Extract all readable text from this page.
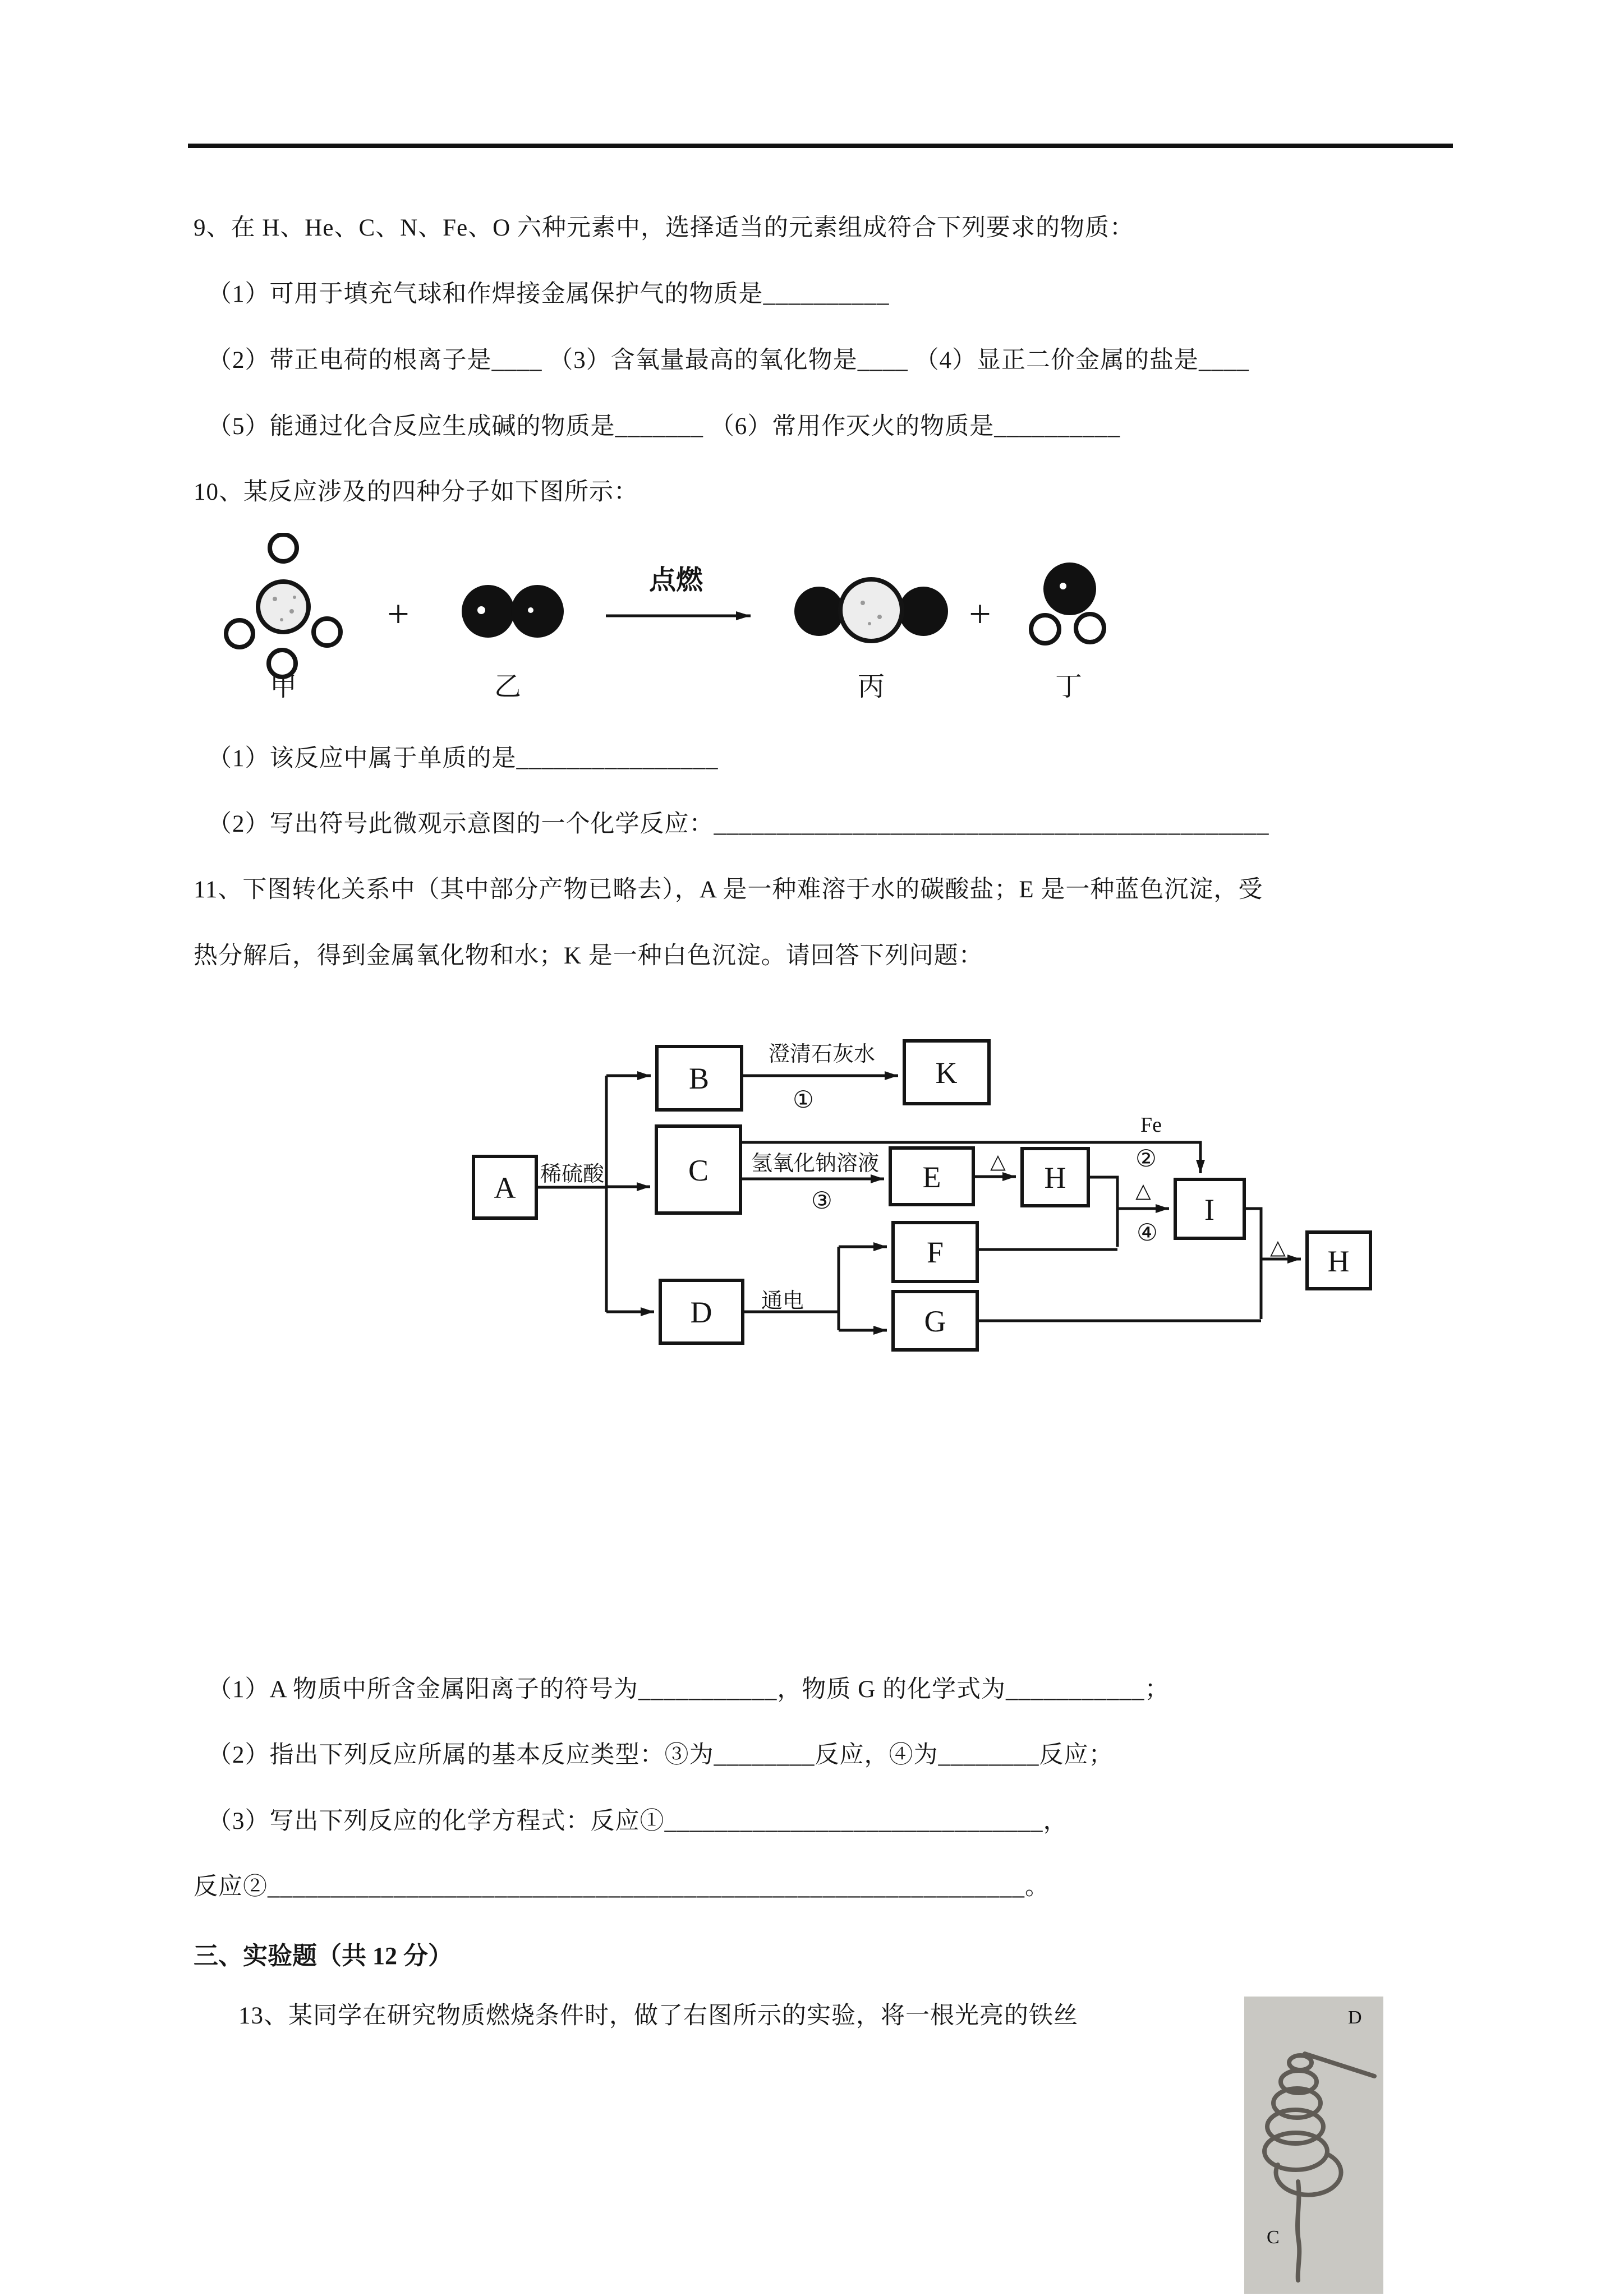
9、在 H、He、C、N、Fe、O 六种元素中，选择适当的元素组成符合下列要求的物质：
（1）可用于填充气球和作焊接金属保护气的物质是__________
（2）带正电荷的根离子是____ （3）含氧量最高的氧化物是____ （4）显正二价金属的盐是____
（5）能通过化合反应生成碱的物质是_______ （6）常用作灭火的物质是__________
10、某反应涉及的四种分子如下图所示：
+
点燃
+
甲	乙	丙	丁
（1）该反应中属于单质的是________________
（2）写出符号此微观示意图的一个化学反应：____________________________________________
11、下图转化关系中（其中部分产物已略去），A 是一种难溶于水的碳酸盐；E 是一种蓝色沉淀，受
热分解后，得到金属氧化物和水；K 是一种白色沉淀。请回答下列问题：
A
B	K
C
D
E
F
G
H
I
H
稀硫酸
澄清石灰水
①
Fe
②
氢氧化钠溶液
③
△
△
④
△
通电
（1）A 物质中所含金属阳离子的符号为___________，物质 G 的化学式为___________；
（2）指出下列反应所属的基本反应类型：③为________反应，④为________反应；
（3）写出下列反应的化学方程式：反应①______________________________，
反应②____________________________________________________________。
三、实验题（共 12 分）
13、某同学在研究物质燃烧条件时，做了右图所示的实验，将一根光亮的铁丝	D
C
